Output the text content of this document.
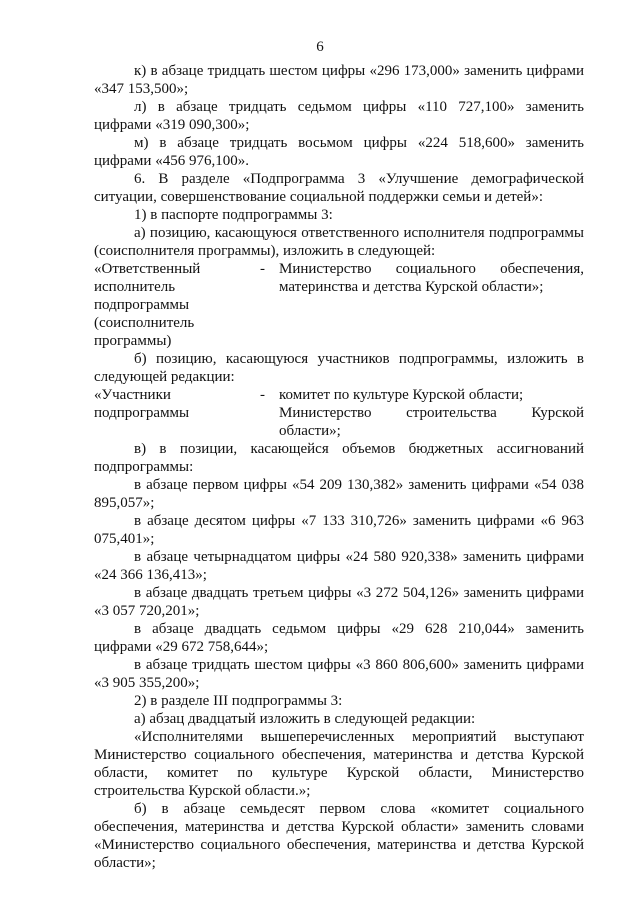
6
к) в абзаце тридцать шестом цифры «296 173,000» заменить цифрами «347 153,500»;
л) в абзаце тридцать седьмом цифры «110 727,100» заменить цифрами «319 090,300»;
м) в абзаце тридцать восьмом цифры «224 518,600» заменить цифрами «456 976,100».
6. В разделе «Подпрограмма 3 «Улучшение демографической ситуации, совершенствование социальной поддержки семьи и детей»:
1) в паспорте подпрограммы 3:
а) позицию, касающуюся ответственного исполнителя подпрограммы (соисполнителя программы), изложить в следующей:
«Ответственный исполнитель подпрограммы (соисполнитель программы)
- Министерство социального обеспечения, материнства и детства Курской области»;
б) позицию, касающуюся участников подпрограммы, изложить в следующей редакции:
«Участники подпрограммы
- комитет по культуре Курской области;
Министерство строительства Курской области»;
в) в позиции, касающейся объемов бюджетных ассигнований подпрограммы:
в абзаце первом цифры «54 209 130,382» заменить цифрами «54 038 895,057»;
в абзаце десятом цифры «7 133 310,726» заменить цифрами «6 963 075,401»;
в абзаце четырнадцатом цифры «24 580 920,338» заменить цифрами «24 366 136,413»;
в абзаце двадцать третьем цифры «3 272 504,126» заменить цифрами «3 057 720,201»;
в абзаце двадцать седьмом цифры «29 628 210,044» заменить цифрами «29 672 758,644»;
в абзаце тридцать шестом цифры «3 860 806,600» заменить цифрами «3 905 355,200»;
2) в разделе III подпрограммы 3:
а) абзац двадцатый изложить в следующей редакции:
«Исполнителями вышеперечисленных мероприятий выступают Министерство социального обеспечения, материнства и детства Курской области, комитет по культуре Курской области, Министерство строительства Курской области.»;
б) в абзаце семьдесят первом слова «комитет социального обеспечения, материнства и детства Курской области» заменить словами «Министерство социального обеспечения, материнства и детства Курской области»;
